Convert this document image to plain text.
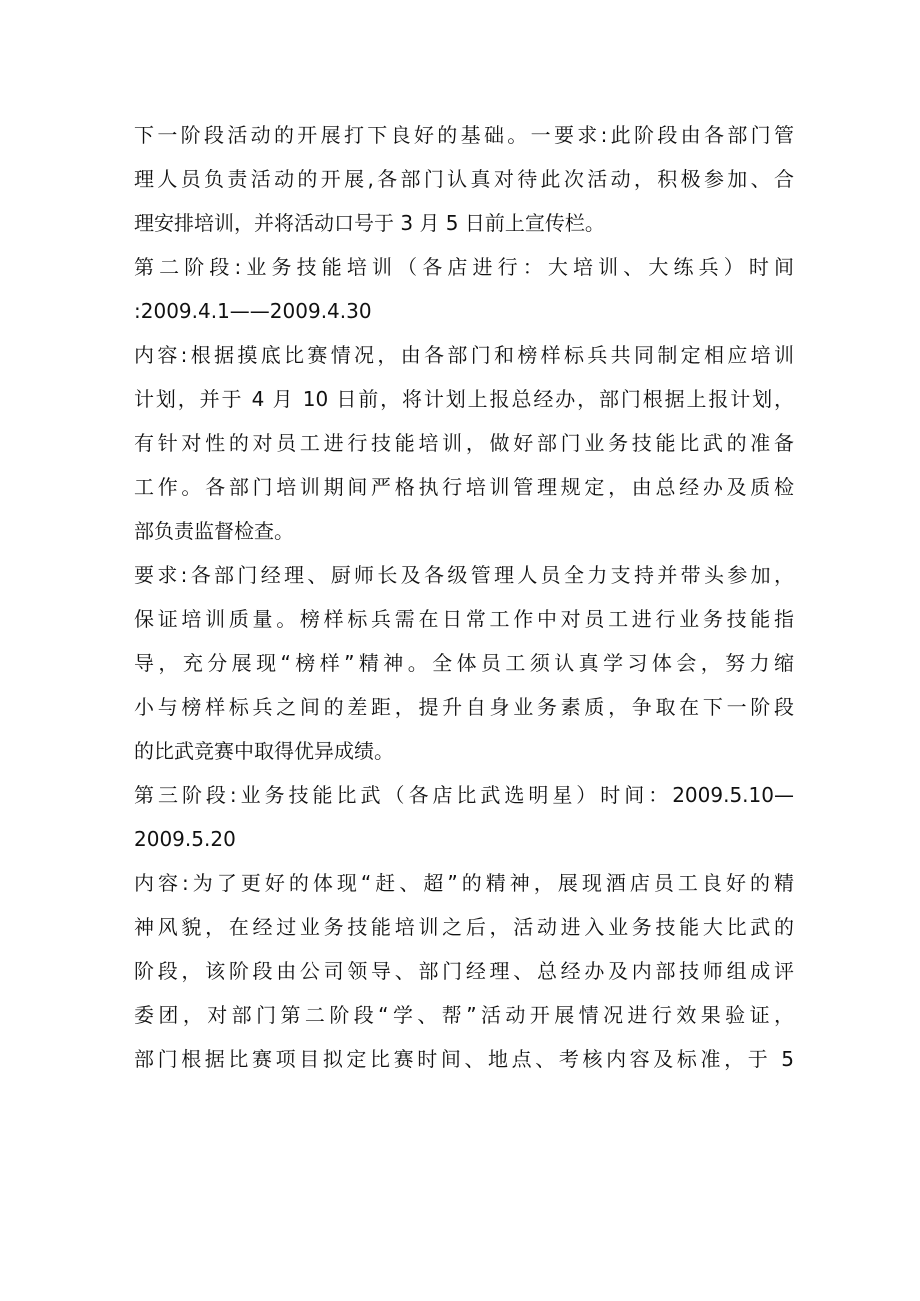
下一阶段活动的开展打下良好的基础。一要求:此阶段由各部门管
理人员负责活动的开展,各部门认真对待此次活动，积极参加、合
理安排培训，并将活动口号于 3 月 5 日前上宣传栏。
第二阶段:业务技能培训（各店进行：大培训、大练兵）时间
:2009.4.1——2009.4.30
内容:根据摸底比赛情况，由各部门和榜样标兵共同制定相应培训
计划，并于 4 月 10 日前，将计划上报总经办，部门根据上报计划，
有针对性的对员工进行技能培训，做好部门业务技能比武的准备
工作。各部门培训期间严格执行培训管理规定，由总经办及质检
部负责监督检查。
要求:各部门经理、厨师长及各级管理人员全力支持并带头参加，
保证培训质量。榜样标兵需在日常工作中对员工进行业务技能指
导，充分展现“榜样”精神。全体员工须认真学习体会，努力缩
小与榜样标兵之间的差距，提升自身业务素质，争取在下一阶段
的比武竞赛中取得优异成绩。
第三阶段:业务技能比武（各店比武选明星）时间：2009.5.10—
2009.5.20
内容:为了更好的体现“赶、超”的精神，展现酒店员工良好的精
神风貌，在经过业务技能培训之后，活动进入业务技能大比武的
阶段，该阶段由公司领导、部门经理、总经办及内部技师组成评
委团，对部门第二阶段“学、帮”活动开展情况进行效果验证，
部门根据比赛项目拟定比赛时间、地点、考核内容及标准，于 5
